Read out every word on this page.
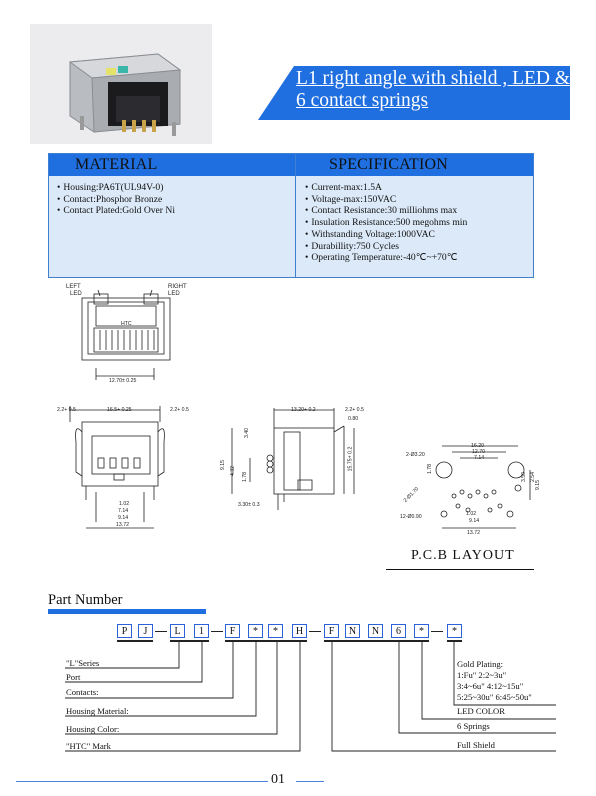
L1 right angle with shield , LED &
6 contact springs
MATERIAL	SPECIFICATION
• Housing:PA6T(UL94V-0)
• Contact:Phosphor Bronze
• Contact Plated:Gold Over Ni
• Current-max:1.5A
• Voltage-max:150VAC
• Contact Resistance:30 milliohms max
• Insulation Resistance:500 megohms min
• Withstanding Voltage:1000VAC
• Durabillity:750 Cycles
• Operating Temperature:-40℃~+70℃
LEFT
LED
RIGHT
LED
HTC
12.70± 0.25
2.2+ 0.5	16.5+ 0.25	2.2+ 0.5
1.02
7.14
9.14
13.72
13.20+ 0.2	2.2+ 0.5
0.80
3.40
9.15
4.32
1.78
15.75+ 0.2
3.30± 0.3
16.20
12.70
7.14
2-Ø3.20
2-Ø1.70
12-Ø0.90
1.78
3.50 2.54
9.15
1.02
9.14
13.72
P.C.B LAYOUT
Part Number
P	J	L	1	F	*	*	H	F	N	N	6	*	*
"L"Series
Port
Contacts:
Housing Material:
Housing Color:
"HTC" Mark
Gold Plating:
1:Fu" 2:2~3u"
3:4~6u" 4:12~15u"
5:25~30u" 6:45~50u"
LED COLOR
6 Springs
Full Shield
01
